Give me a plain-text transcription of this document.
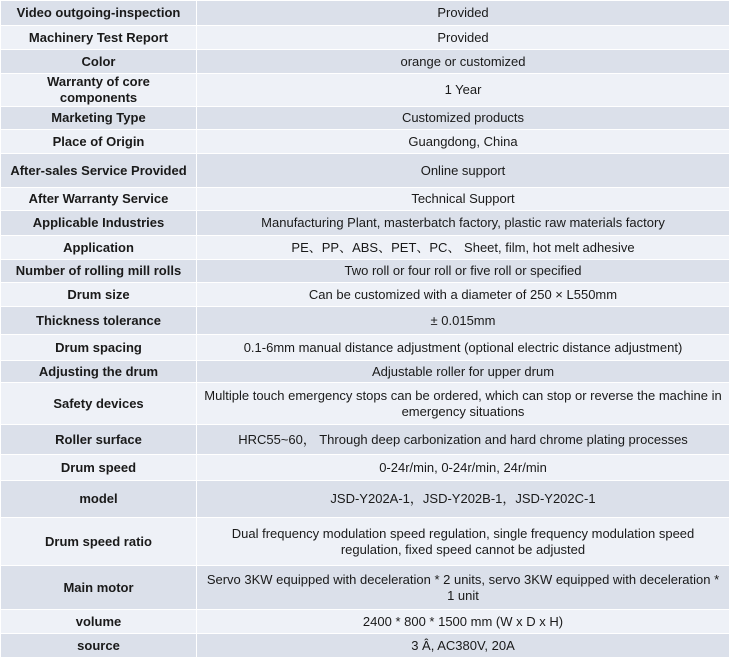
Video outgoing-inspection	Provided
Machinery Test Report	Provided
Color	orange or customized
Warranty of core components	1 Year
Marketing Type	Customized products
Place of Origin	Guangdong, China
After-sales Service Provided	Online support
After Warranty Service	Technical Support
Applicable Industries	Manufacturing Plant, masterbatch factory, plastic raw materials factory
Application	PE、PP、ABS、PET、PC、 Sheet, film, hot melt adhesive
Number of rolling mill rolls	Two roll or four roll or five roll or specified
Drum size	Can be customized with a diameter of 250 × L550mm
Thickness tolerance	± 0.015mm
Drum spacing	0.1-6mm manual distance adjustment (optional electric distance adjustment)
Adjusting the drum	Adjustable roller for upper drum
Safety devices	Multiple touch emergency stops can be ordered, which can stop or reverse the machine in emergency situations
Roller surface	HRC55~60， Through deep carbonization and hard chrome plating processes
Drum speed	0-24r/min, 0-24r/min, 24r/min
model	JSD-Y202A-1，JSD-Y202B-1，JSD-Y202C-1
Drum speed ratio	Dual frequency modulation speed regulation, single frequency modulation speed regulation, fixed speed cannot be adjusted
Main motor	Servo 3KW equipped with deceleration * 2 units, servo 3KW equipped with deceleration * 1 unit
volume	2400 * 800 * 1500 mm (W x D x H)
source	3 Â, AC380V, 20A
